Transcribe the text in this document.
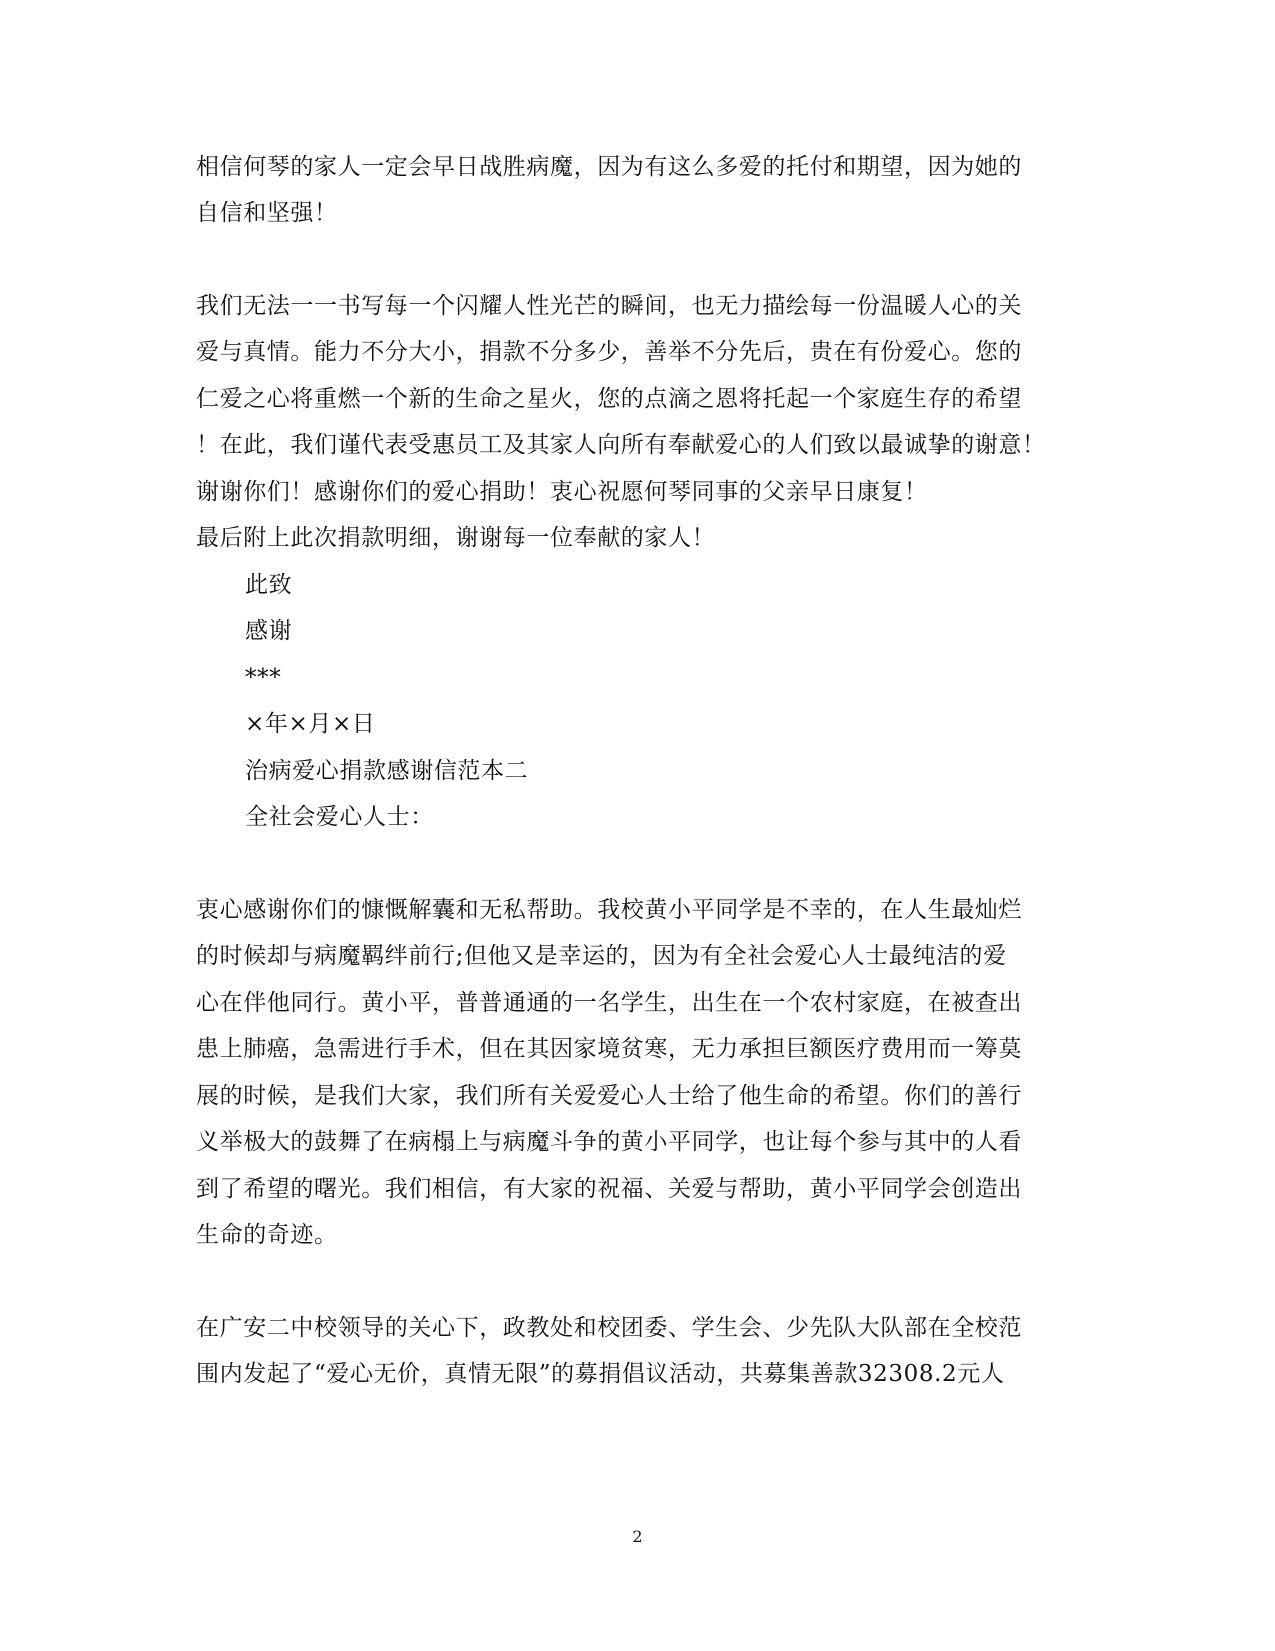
相信何琴的家人一定会早日战胜病魔，因为有这么多爱的托付和期望，因为她的
自信和坚强！
我们无法一一书写每一个闪耀人性光芒的瞬间，也无力描绘每一份温暖人心的关
爱与真情。能力不分大小，捐款不分多少，善举不分先后，贵在有份爱心。您的
仁爱之心将重燃一个新的生命之星火，您的点滴之恩将托起一个家庭生存的希望
！在此，我们谨代表受惠员工及其家人向所有奉献爱心的人们致以最诚挚的谢意！
谢谢你们！感谢你们的爱心捐助！衷心祝愿何琴同事的父亲早日康复！
最后附上此次捐款明细，谢谢每一位奉献的家人！
此致
感谢
***
×年×月×日
治病爱心捐款感谢信范本二
全社会爱心人士：
衷心感谢你们的慷慨解囊和无私帮助。我校黄小平同学是不幸的，在人生最灿烂
的时候却与病魔羁绊前行;但他又是幸运的，因为有全社会爱心人士最纯洁的爱
心在伴他同行。黄小平，普普通通的一名学生，出生在一个农村家庭，在被查出
患上肺癌，急需进行手术，但在其因家境贫寒，无力承担巨额医疗费用而一筹莫
展的时候，是我们大家，我们所有关爱爱心人士给了他生命的希望。你们的善行
义举极大的鼓舞了在病榻上与病魔斗争的黄小平同学，也让每个参与其中的人看
到了希望的曙光。我们相信，有大家的祝福、关爱与帮助，黄小平同学会创造出
生命的奇迹。
在广安二中校领导的关心下，政教处和校团委、学生会、少先队大队部在全校范
围内发起了“爱心无价，真情无限”的募捐倡议活动，共募集善款32308.2元人
2
